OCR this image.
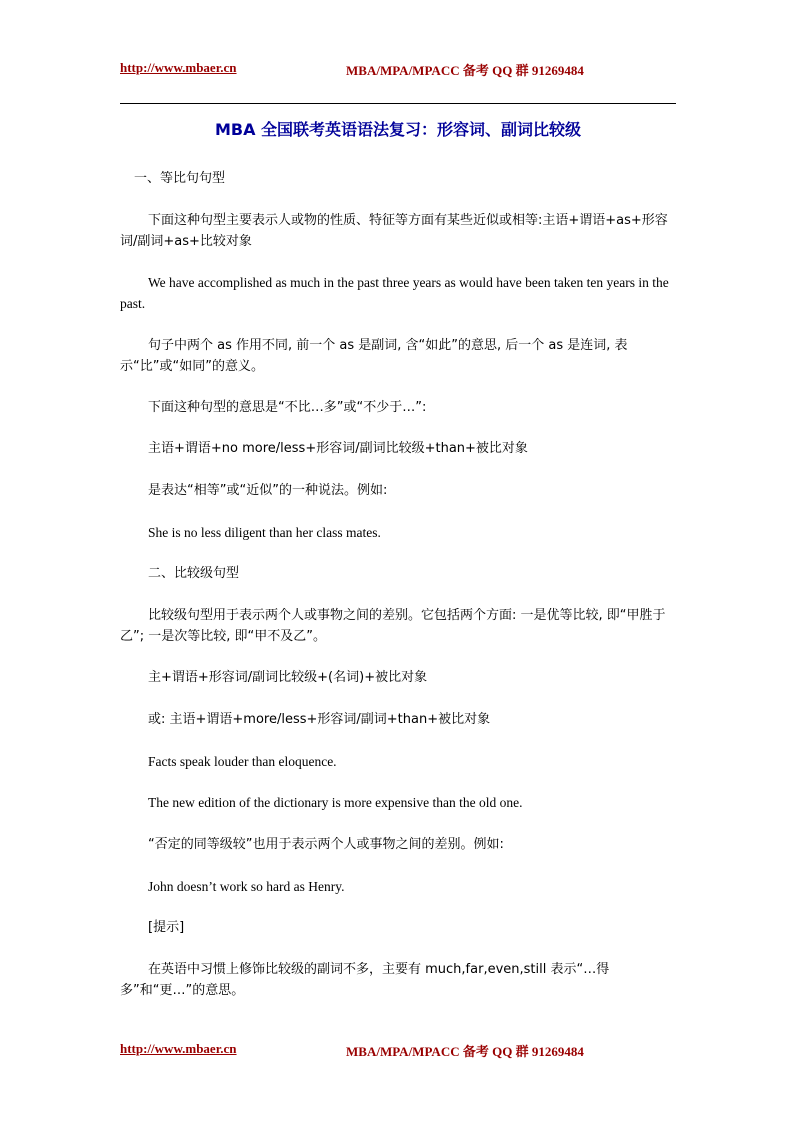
http://www.mbaer.cn	MBA/MPA/MPACC 备考 QQ 群 91269484
MBA 全国联考英语语法复习：形容词、副词比较级
一、等比句句型
下面这种句型主要表示人或物的性质、特征等方面有某些近似或相等:主语+谓语+as+形容词/副词+as+比较对象
We have accomplished as much in the past three years as would have been taken ten years in the past.
句子中两个 as 作用不同, 前一个 as 是副词, 含“如此”的意思, 后一个 as 是连词, 表示“比”或“如同”的意义。
下面这种句型的意思是“不比…多”或“不少于…”:
主语+谓语+no more/less+形容词/副词比较级+than+被比对象
是表达“相等”或“近似”的一种说法。例如:
She is no less diligent than her class mates.
二、比较级句型
比较级句型用于表示两个人或事物之间的差别。它包括两个方面: 一是优等比较, 即“甲胜于乙”; 一是次等比较, 即“甲不及乙”。
主+谓语+形容词/副词比较级+(名词)+被比对象
或: 主语+谓语+more/less+形容词/副词+than+被比对象
Facts speak louder than eloquence.
The new edition of the dictionary is more expensive than the old one.
“否定的同等级较”也用于表示两个人或事物之间的差别。例如:
John doesn’t work so hard as Henry.
[提示]
在英语中习惯上修饰比较级的副词不多，主要有 much,far,even,still 表示“…得多”和“更…”的意思。
http://www.mbaer.cn	MBA/MPA/MPACC 备考 QQ 群 91269484
